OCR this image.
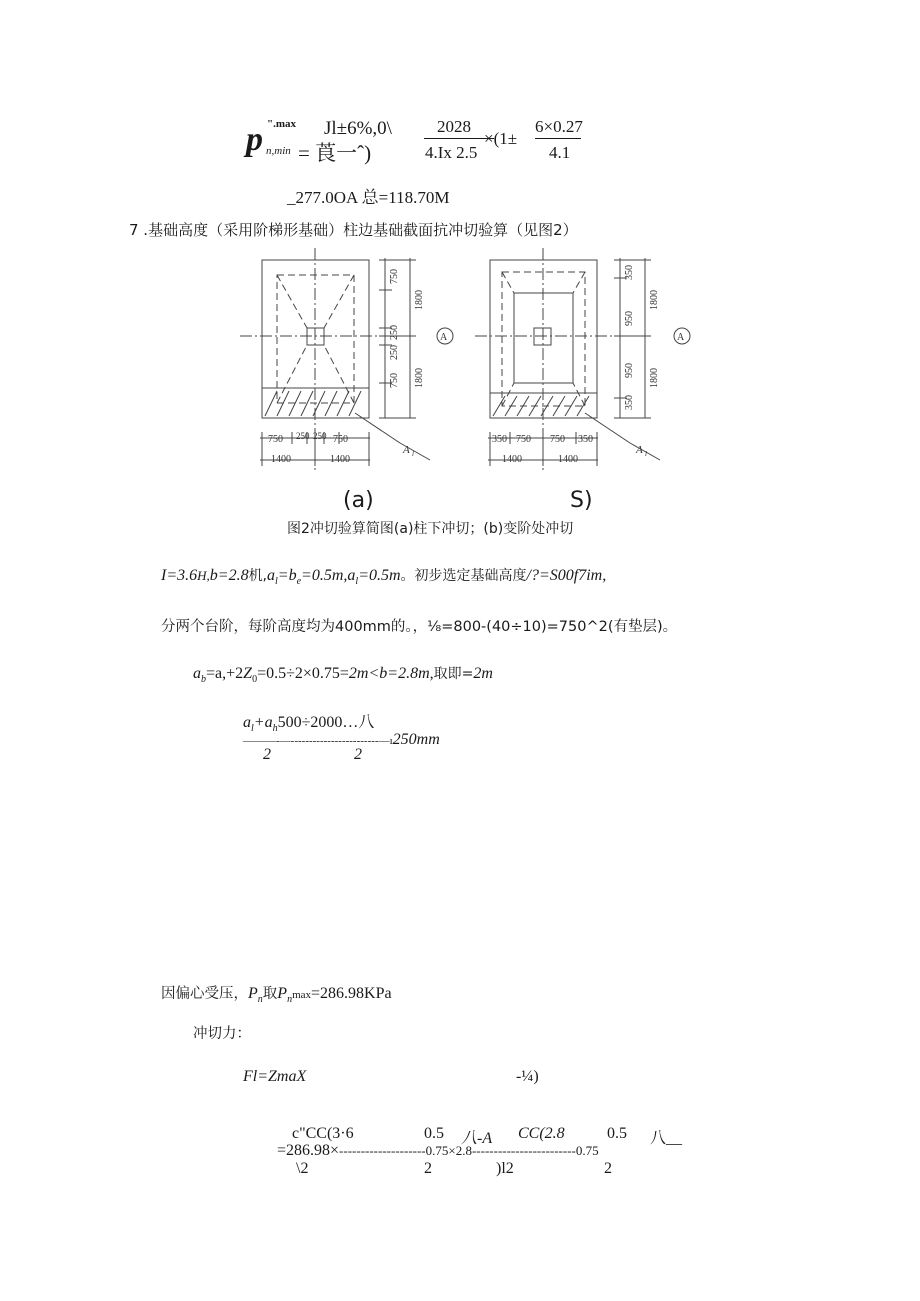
p ".max
n,min
Jl±6%,0\
= 莨一ˆ)
2028
4.Ix 2.5
×(1±
6×0.27
4.1
_277.0OA 总=118.70M
7 .基础高度（采用阶梯形基础）柱边基础截面抗冲切验算（见图2）
750
250
250
750
1800
1800
750 250 250 750
1400	1400
A
A l
350
950
950
350
1800
1800
350 750 750 350
1400	1400
A
A l
(a)	S)
图2冲切验算简图(a)柱下冲切；(b)变阶处冲切
I=3.6H,b=2.8机$,a_l=b_e=0.5m,a_l=0.5m$。初步选定基础高度/?=S00f7im,
分两个台阶，每阶高度均为400mm的。，⅛=800-(40÷10)=750^2(有垫层)。
$a_b=a,+2Z_0=0.5\div 2\times 0.75=2m<b=2.8m$,取即=2m
$a_l+a_h500\div 2000\dots$八
———-—------------------------—ı250mm
2	2
因偏心受压，$P_n$取$P_n\max=286.98KPa$
冲切力：
Fl=ZmaX	-¼)
c"CC(3·6	0.5 八-A CC(2.8	0.5 八__
=286.98×--------------------0.75×2.8------------------------0.75
\2	2	)l2	2
